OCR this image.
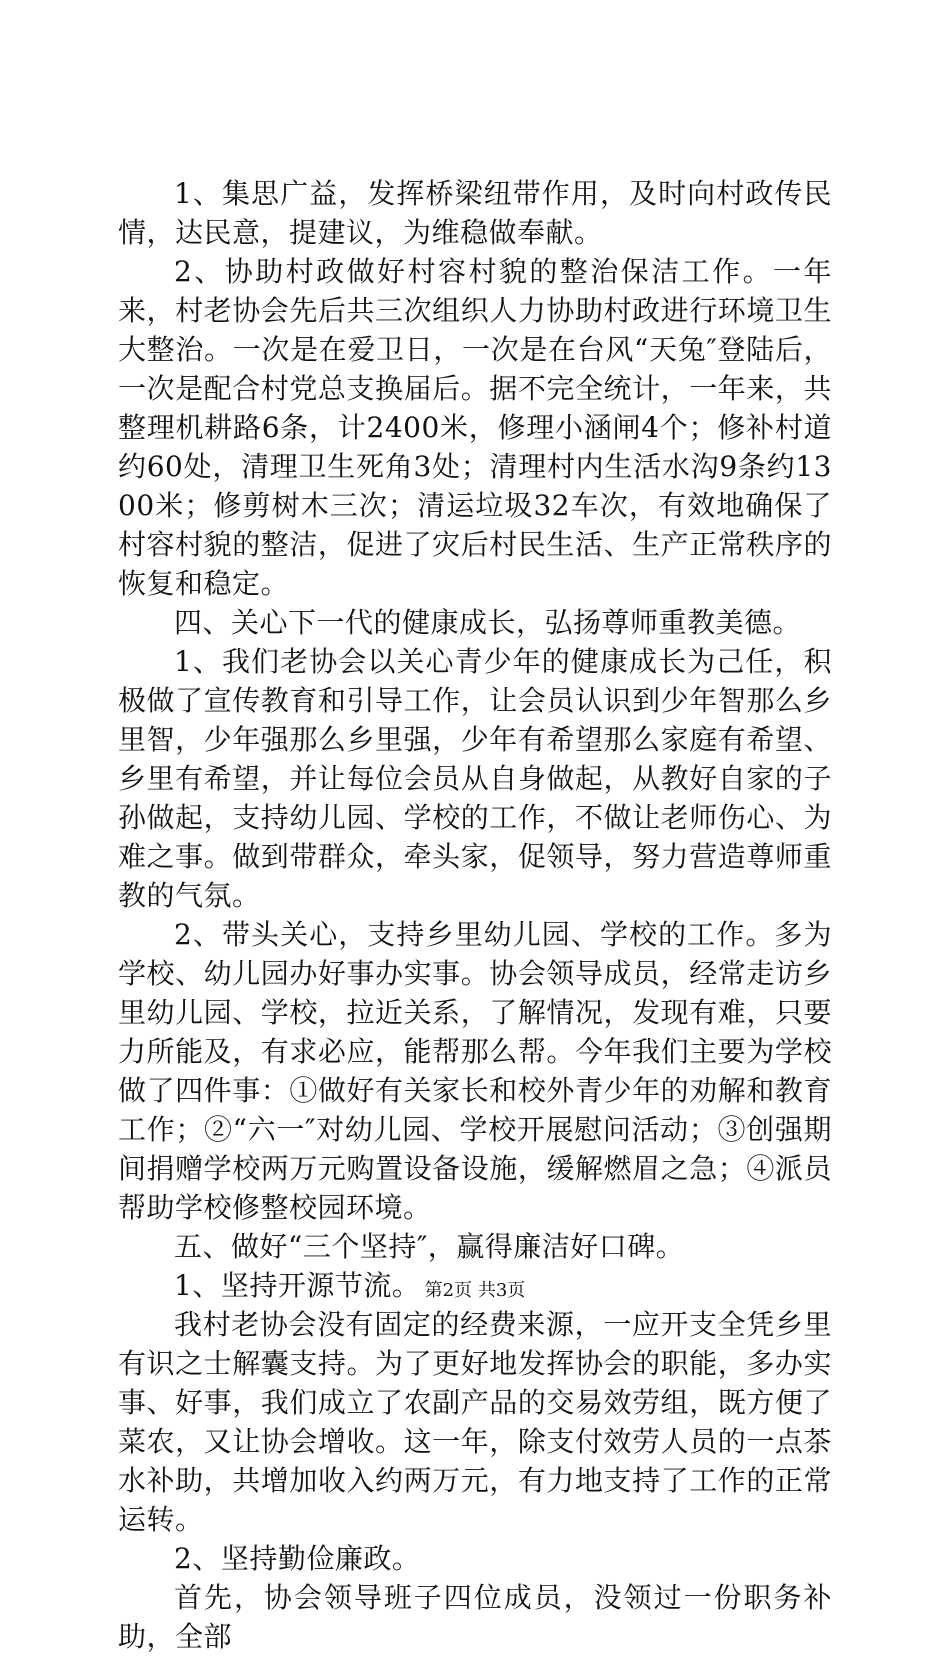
1、集思广益，发挥桥梁纽带作用，及时向村政传民情，达民意，提建议，为维稳做奉献。

2、协助村政做好村容村貌的整治保洁工作。一年来，村老协会先后共三次组织人力协助村政进行环境卫生大整治。一次是在爱卫日，一次是在台风“天兔″登陆后，一次是配合村党总支换届后。据不完全统计，一年来，共整理机耕路6条，计2400米，修理小涵闸4个；修补村道约60处，清理卫生死角3处；清理村内生活水沟9条约1300米；修剪树木三次；清运垃圾32车次，有效地确保了村容村貌的整洁，促进了灾后村民生活、生产正常秩序的恢复和稳定。

四、关心下一代的健康成长，弘扬尊师重教美德。

1、我们老协会以关心青少年的健康成长为己任，积极做了宣传教育和引导工作，让会员认识到少年智那么乡里智，少年强那么乡里强，少年有希望那么家庭有希望、乡里有希望，并让每位会员从自身做起，从教好自家的子孙做起，支持幼儿园、学校的工作，不做让老师伤心、为难之事。做到带群众，牵头家，促领导，努力营造尊师重教的气氛。

2、带头关心，支持乡里幼儿园、学校的工作。多为学校、幼儿园办好事办实事。协会领导成员，经常走访乡里幼儿园、学校，拉近关系，了解情况，发现有难，只要力所能及，有求必应，能帮那么帮。今年我们主要为学校做了四件事：①做好有关家长和校外青少年的劝解和教育工作；②“六一″对幼儿园、学校开展慰问活动；③创强期间捐赠学校两万元购置设备设施，缓解燃眉之急；④派员帮助学校修整校园环境。

五、做好“三个坚持″，赢得廉洁好口碑。

1、坚持开源节流。

我村老协会没有固定的经费来源，一应开支全凭乡里有识之士解囊支持。为了更好地发挥协会的职能，多办实事、好事，我们成立了农副产品的交易效劳组，既方便了菜农，又让协会增收。这一年，除支付效劳人员的一点茶水补助，共增加收入约两万元，有力地支持了工作的正常运转。

2、坚持勤俭廉政。

首先，协会领导班子四位成员，没领过一份职务补助，全部

第2页 共3页
